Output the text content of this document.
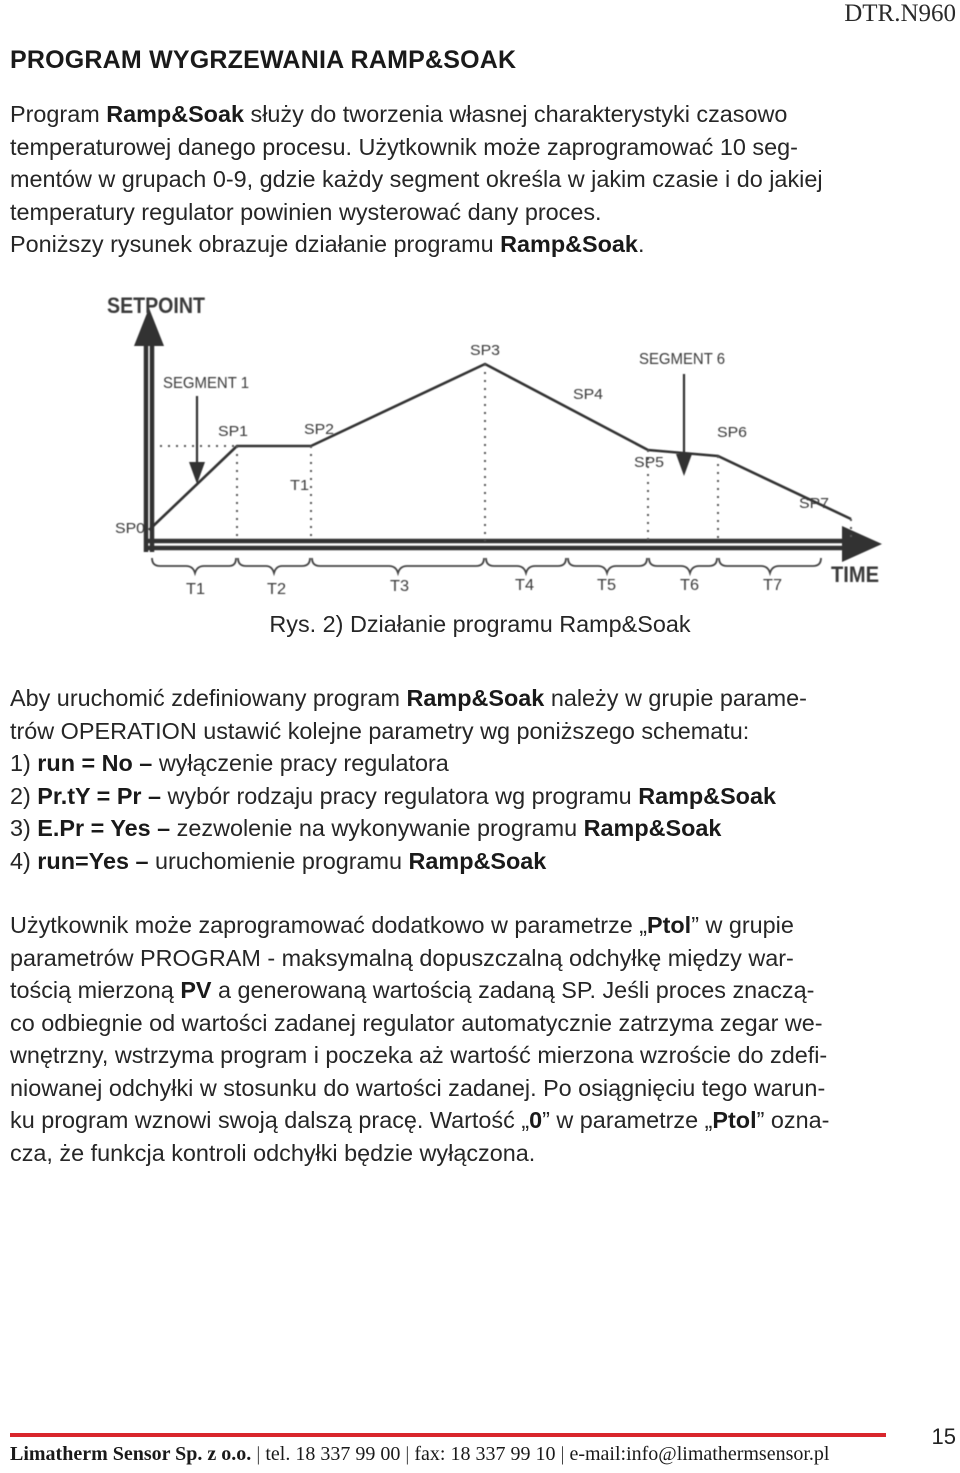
DTR.N960
PROGRAM WYGRZEWANIA RAMP&SOAK

Program Ramp&Soak służy do tworzenia własnej charakterystyki czasowo
temperaturowej danego procesu. Użytkownik może zaprogramować 10 seg-
mentów w grupach 0-9, gdzie każdy segment określa w jakim czasie i do jakiej
temperatury regulator powinien wysterować dany proces.
Poniższy rysunek obrazuje działanie programu Ramp&Soak.

SETPOINT
TIME
SEGMENT 1
SEGMENT 6
SP0
SP1	SP2
SP3
SP4
SP5
SP6
SP7
T1
T1	T2	T3	T4	T5	T6	T7
Rys. 2) Działanie programu Ramp&Soak

Aby uruchomić zdefiniowany program Ramp&Soak należy w grupie parame-
trów OPERATION ustawić kolejne parametry wg poniższego schematu:
1) run = No – wyłączenie pracy regulatora
2) Pr.tY = Pr – wybór rodzaju pracy regulatora wg programu Ramp&Soak
3) E.Pr = Yes – zezwolenie na wykonywanie programu Ramp&Soak
4) run=Yes – uruchomienie programu Ramp&Soak

Użytkownik może zaprogramować dodatkowo w parametrze „Ptol” w grupie
parametrów PROGRAM - maksymalną dopuszczalną odchyłkę między war-
tością mierzoną PV a generowaną wartością zadaną SP. Jeśli proces znaczą-
co odbiegnie od wartości zadanej regulator automatycznie zatrzyma zegar we-
wnętrzny, wstrzyma program i poczeka aż wartość mierzona wzroście do zdefi-
niowanej odchyłki w stosunku do wartości zadanej. Po osiągnięciu tego warun-
ku program wznowi swoją dalszą pracę. Wartość „0” w parametrze „Ptol” ozna-
cza, że funkcja kontroli odchyłki będzie wyłączona.

15
Limatherm Sensor Sp. z o.o. | tel. 18 337 99 00 | fax: 18 337 99 10 | e-mail:info@limathermsensor.pl
